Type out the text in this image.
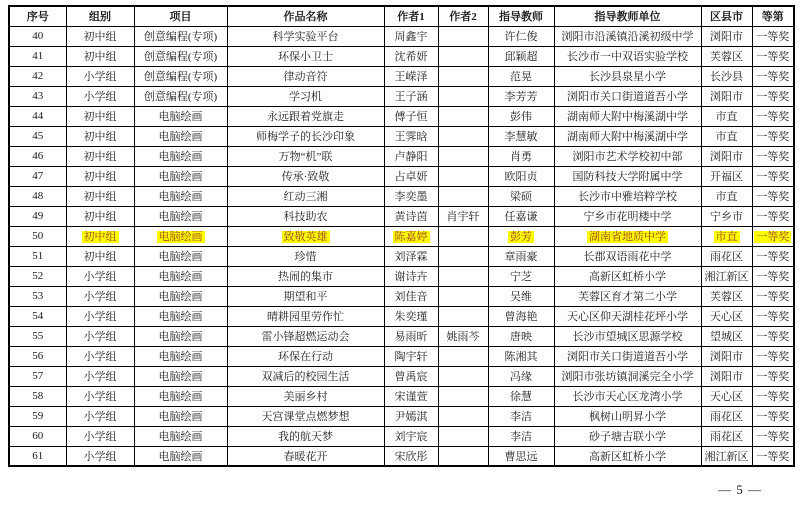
序号	组别	项目	作品名称	作者1	作者2	指导教师	指导教师单位	区县市	等第
40	初中组	创意编程(专项)	科学实验平台	周鑫宇		许仁俊	浏阳市沿溪镇沿溪初级中学	浏阳市	一等奖
41	初中组	创意编程(专项)	环保小卫士	沈希妍		邱颖超	长沙市一中双语实验学校	芙蓉区	一等奖
42	小学组	创意编程(专项)	律动音符	王嵘泽		范晃	长沙县泉星小学	长沙县	一等奖
43	小学组	创意编程(专项)	学习机	王子涵		李芳芳	浏阳市关口街道道吾小学	浏阳市	一等奖
44	初中组	电脑绘画	永远跟着党旗走	傅子恒		彭伟	湖南师大附中梅溪湖中学	市直	一等奖
45	初中组	电脑绘画	师梅学子的长沙印象	王霁晗		李慧敏	湖南师大附中梅溪湖中学	市直	一等奖
46	初中组	电脑绘画	万物“机”联	卢静阳		肖勇	浏阳市艺术学校初中部	浏阳市	一等奖
47	初中组	电脑绘画	传承·致敬	占卓妍		欧阳贞	国防科技大学附属中学	开福区	一等奖
48	初中组	电脑绘画	红动三湘	李奕墨		梁硕	长沙市中雅培粹学校	市直	一等奖
49	初中组	电脑绘画	科技助农	黄诗茵	肖宇轩	任嘉谦	宁乡市花明楼中学	宁乡市	一等奖
50	初中组	电脑绘画	致敬英雄	陈嘉婷		彭芳	湖南省地质中学	市直	一等奖
51	初中组	电脑绘画	珍惜	刘泽霖		章雨豪	长郡双语雨花中学	雨花区	一等奖
52	小学组	电脑绘画	热闹的集市	谢诗卉		宁芝	高新区虹桥小学	湘江新区	一等奖
53	小学组	电脑绘画	期望和平	刘佳音		吴维	芙蓉区育才第二小学	芙蓉区	一等奖
54	小学组	电脑绘画	晴耕园里劳作忙	朱奕瑾		曾海艳	天心区仰天湖桂花坪小学	天心区	一等奖
55	小学组	电脑绘画	雷小锋超燃运动会	易雨昕	姚雨芩	唐映	长沙市望城区思源学校	望城区	一等奖
56	小学组	电脑绘画	环保在行动	陶宇轩		陈湘其	浏阳市关口街道道吾小学	浏阳市	一等奖
57	小学组	电脑绘画	双减后的校园生活	曾禹宸		冯缘	浏阳市张坊镇洞溪完全小学	浏阳市	一等奖
58	小学组	电脑绘画	美丽乡村	宋谨萱		徐慧	长沙市天心区龙湾小学	天心区	一等奖
59	小学组	电脑绘画	天宫课堂点燃梦想	尹嫣淇		李洁	枫树山明昇小学	雨花区	一等奖
60	小学组	电脑绘画	我的航天梦	刘宇宸		李洁	砂子塘吉联小学	雨花区	一等奖
61	小学组	电脑绘画	春暖花开	宋欣彤		曹思远	高新区虹桥小学	湘江新区	一等奖
— 5 —
